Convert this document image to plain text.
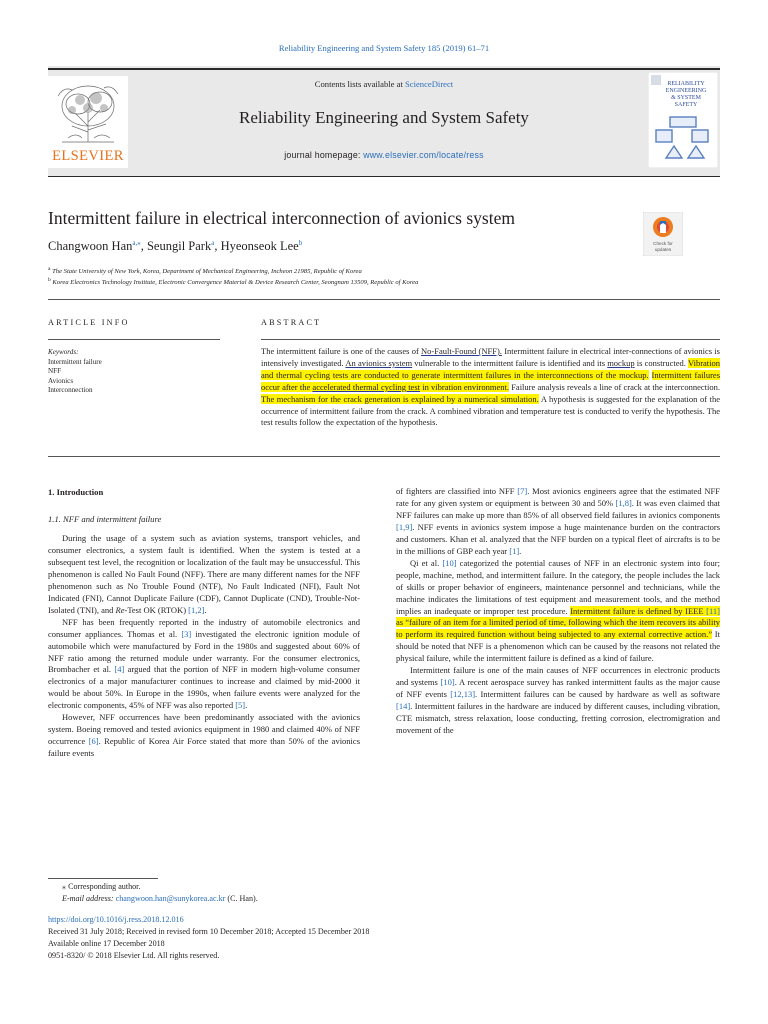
Reliability Engineering and System Safety 185 (2019) 61–71
ELSEVIER
Contents lists available at ScienceDirect
Reliability Engineering and System Safety
journal homepage: www.elsevier.com/locate/ress
RELIABILITY
ENGINEERING
& SYSTEM
SAFETY
Intermittent failure in electrical interconnection of avionics system
Changwoon Han$^{a,⁎}$, Seungil Park$^a$, Hyeonseok Lee$^b$	Check for
updates
$^a$ The State University of New York, Korea, Department of Mechanical Engineering, Incheon 21985, Republic of Korea
$^b$ Korea Electronics Technology Institute, Electronic Convergence Material & Device Research Center, Seongnam 13509, Republic of Korea
ARTICLE INFO	ABSTRACT
Keywords:
Intermittent failure
NFF
Avionics
Interconnection
The intermittent failure is one of the causes of No-Fault-Found (NFF). Intermittent failure in electrical inter-connections of avionics is intensively investigated. An avionics system vulnerable to the intermittent failure is identified and its mockup is constructed. Vibration and thermal cycling tests are conducted to generate intermittent failures in the interconnections of the mockup. Intermittent failures occur after the accelerated thermal cycling test in vibration environment. Failure analysis reveals a line of crack at the interconnection. The mechanism for the crack generation is explained by a numerical simulation. A hypothesis is suggested for the explanation of the occurrence of intermittent failure from the crack. A combined vibration and temperature test is conducted to verify the hypothesis. The test results follow the expectation of the hypothesis.
1. Introduction
1.1. NFF and intermittent failure

During the usage of a system such as aviation systems, transport vehicles, and consumer electronics, a system fault is identified. When the system is tested at a subsequent test level, the recognition or localization of the fault may be unsuccessful. This phenomenon is called No Fault Found (NFF). There are many different names for the NFF phenomenon such as No Trouble Found (NTF), No Fault Indicated (NFI), Fault Not Indicated (FNI), Cannot Duplicate Failure (CDF), Cannot Duplicate (CND), Trouble-Not-Isolated (TNI), and Re-Test OK (RTOK) [1,2].

NFF has been frequently reported in the industry of automobile electronics and consumer appliances. Thomas et al. [3] investigated the electronic ignition module of automobile which were manufactured by Ford in the 1980s and suggested about 60% of NFF ratio among the returned module under warranty. For the consumer electronics, Brombacher et al. [4] argued that the portion of NFF in modern high-volume consumer electronics of a major manufacturer continues to increase and claimed by mid-2000 it would be about 50%. In Europe in the 1990s, when failure events were analyzed for the electronic components, 45% of NFF was also reported [5].

However, NFF occurrences have been predominantly associated with the avionics system. Boeing removed and tested avionics equipment in 1980 and claimed 40% of NFF occurrence [6]. Republic of Korea Air Force stated that more than 50% of the avionics failure events

of fighters are classified into NFF [7]. Most avionics engineers agree that the estimated NFF rate for any given system or equipment is between 30 and 50% [1,8]. It was even claimed that NFF failures can make up more than 85% of all observed field failures in avionics components [1,9]. NFF events in avionics system impose a huge maintenance burden on the contractors and customers. Khan et al. analyzed that the NFF burden on a typical fleet of aircrafts is to be in the millions of GBP each year [1].

Qi et al. [10] categorized the potential causes of NFF in an electronic system into four; people, machine, method, and intermittent failure. In the category, the people includes the lack of skills or proper behavior of engineers, maintenance personnel and technicians, while the machine indicates the limitations of test equipment and measurement tools, and the method implies an inadequate or improper test procedure. Intermittent failure is defined by IEEE [11] as “failure of an item for a limited period of time, following which the item recovers its ability to perform its required function without being subjected to any external corrective action.” It should be noted that NFF is a phenomenon which can be caused by the reasons not related the physical failure, while the intermittent failure is defined as a kind of failure.

Intermittent failure is one of the main causes of NFF occurrences in electronic products and systems [10]. A recent aerospace survey has ranked intermittent faults as the major cause of NFF events [12,13]. Intermittent failures can be caused by hardware as well as software [14]. Intermittent failures in the hardware are induced by different causes, including vibration, CTE mismatch, stress relaxation, loose conducting, fretting corrosion, electromigration and movement of the

⁎ Corresponding author.
E-mail address: changwoon.han@sunykorea.ac.kr (C. Han).
https://doi.org/10.1016/j.ress.2018.12.016
Received 31 July 2018; Received in revised form 10 December 2018; Accepted 15 December 2018
Available online 17 December 2018
0951-8320/ © 2018 Elsevier Ltd. All rights reserved.
